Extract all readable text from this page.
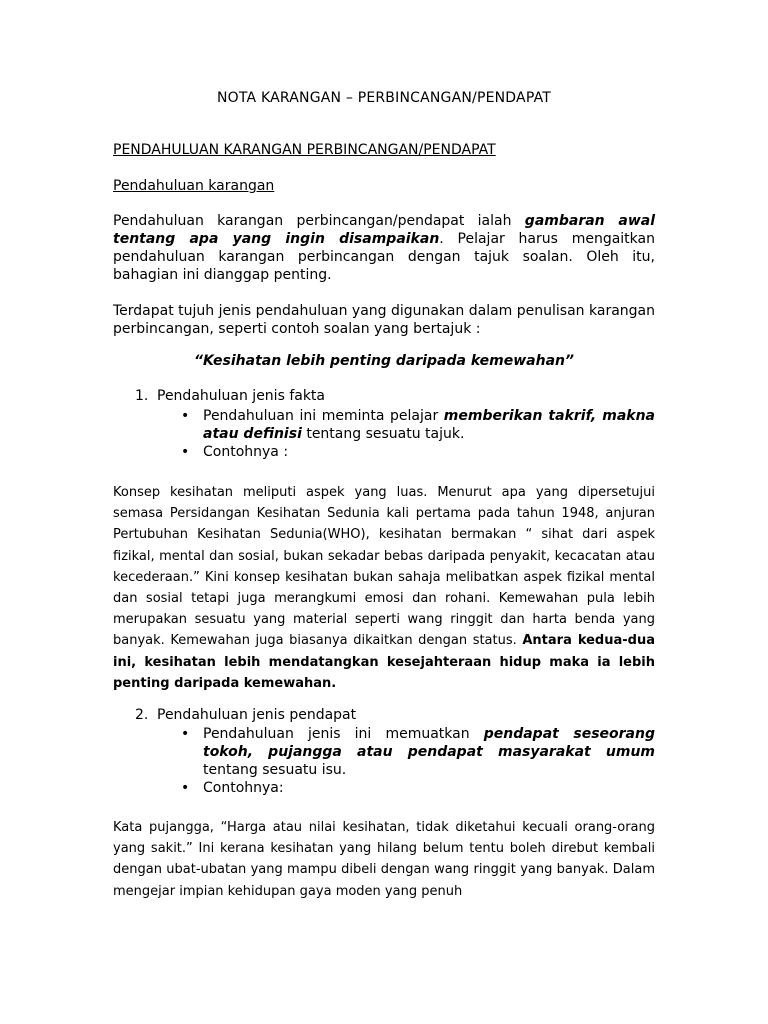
NOTA KARANGAN – PERBINCANGAN/PENDAPAT
PENDAHULUAN KARANGAN PERBINCANGAN/PENDAPAT
Pendahuluan karangan
Pendahuluan karangan perbincangan/pendapat ialah gambaran awal tentang apa yang ingin disampaikan. Pelajar harus mengaitkan pendahuluan karangan perbincangan dengan tajuk soalan. Oleh itu, bahagian ini dianggap penting.
Terdapat tujuh jenis pendahuluan yang digunakan dalam penulisan karangan perbincangan, seperti contoh soalan yang bertajuk :
“Kesihatan lebih penting daripada kemewahan”
1. Pendahuluan jenis fakta
• Pendahuluan ini meminta pelajar memberikan takrif, makna atau definisi tentang sesuatu tajuk.
• Contohnya :
Konsep kesihatan meliputi aspek yang luas. Menurut apa yang dipersetujui semasa Persidangan Kesihatan Sedunia kali pertama pada tahun 1948, anjuran Pertubuhan Kesihatan Sedunia(WHO), kesihatan bermakan “ sihat dari aspek fizikal, mental dan sosial, bukan sekadar bebas daripada penyakit, kecacatan atau kecederaan.” Kini konsep kesihatan bukan sahaja melibatkan aspek fizikal mental dan sosial tetapi juga merangkumi emosi dan rohani. Kemewahan pula lebih merupakan sesuatu yang material seperti wang ringgit dan harta benda yang banyak. Kemewahan juga biasanya dikaitkan dengan status. Antara kedua-dua ini, kesihatan lebih mendatangkan kesejahteraan hidup maka ia lebih penting daripada kemewahan.
2. Pendahuluan jenis pendapat
• Pendahuluan jenis ini memuatkan pendapat seseorang tokoh, pujangga atau pendapat masyarakat umum tentang sesuatu isu.
• Contohnya:
Kata pujangga, “Harga atau nilai kesihatan, tidak diketahui kecuali orang-orang yang sakit.” Ini kerana kesihatan yang hilang belum tentu boleh direbut kembali dengan ubat-ubatan yang mampu dibeli dengan wang ringgit yang banyak. Dalam mengejar impian kehidupan gaya moden yang penuh
